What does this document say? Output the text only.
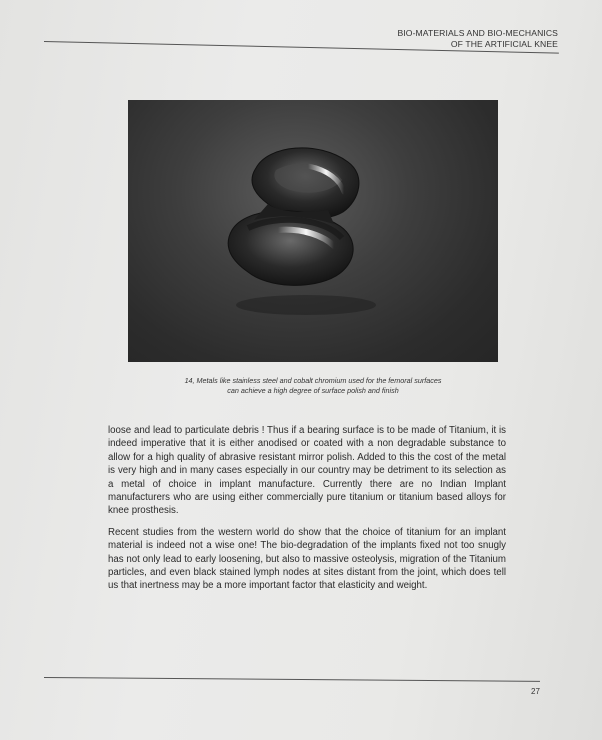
BIO-MATERIALS AND BIO-MECHANICS
OF THE ARTIFICIAL KNEE
14, Metals like stainless steel and cobalt chromium used for the femoral surfaces
can achieve a high degree of surface polish and finish

loose and lead to particulate debris ! Thus if a bearing surface is to be made of Titanium, it is indeed imperative that it is either anodised or coated with a non degradable substance to allow for a high quality of abrasive resistant mirror polish. Added to this the cost of the metal is very high and in many cases especially in our country may be detriment to its selection as a metal of choice in implant manufacture. Currently there are no Indian Implant manufacturers who are using either commercially pure titanium or titanium based alloys for knee prosthesis.

Recent studies from the western world do show that the choice of titanium for an implant material is indeed not a wise one! The bio-degradation of the implants fixed not too snugly has not only lead to early loosening, but also to massive osteolysis, migration of the Titanium particles, and even black stained lymph nodes at sites distant from the joint, which does tell us that inertness may be a more important factor that elasticity and weight.

27
